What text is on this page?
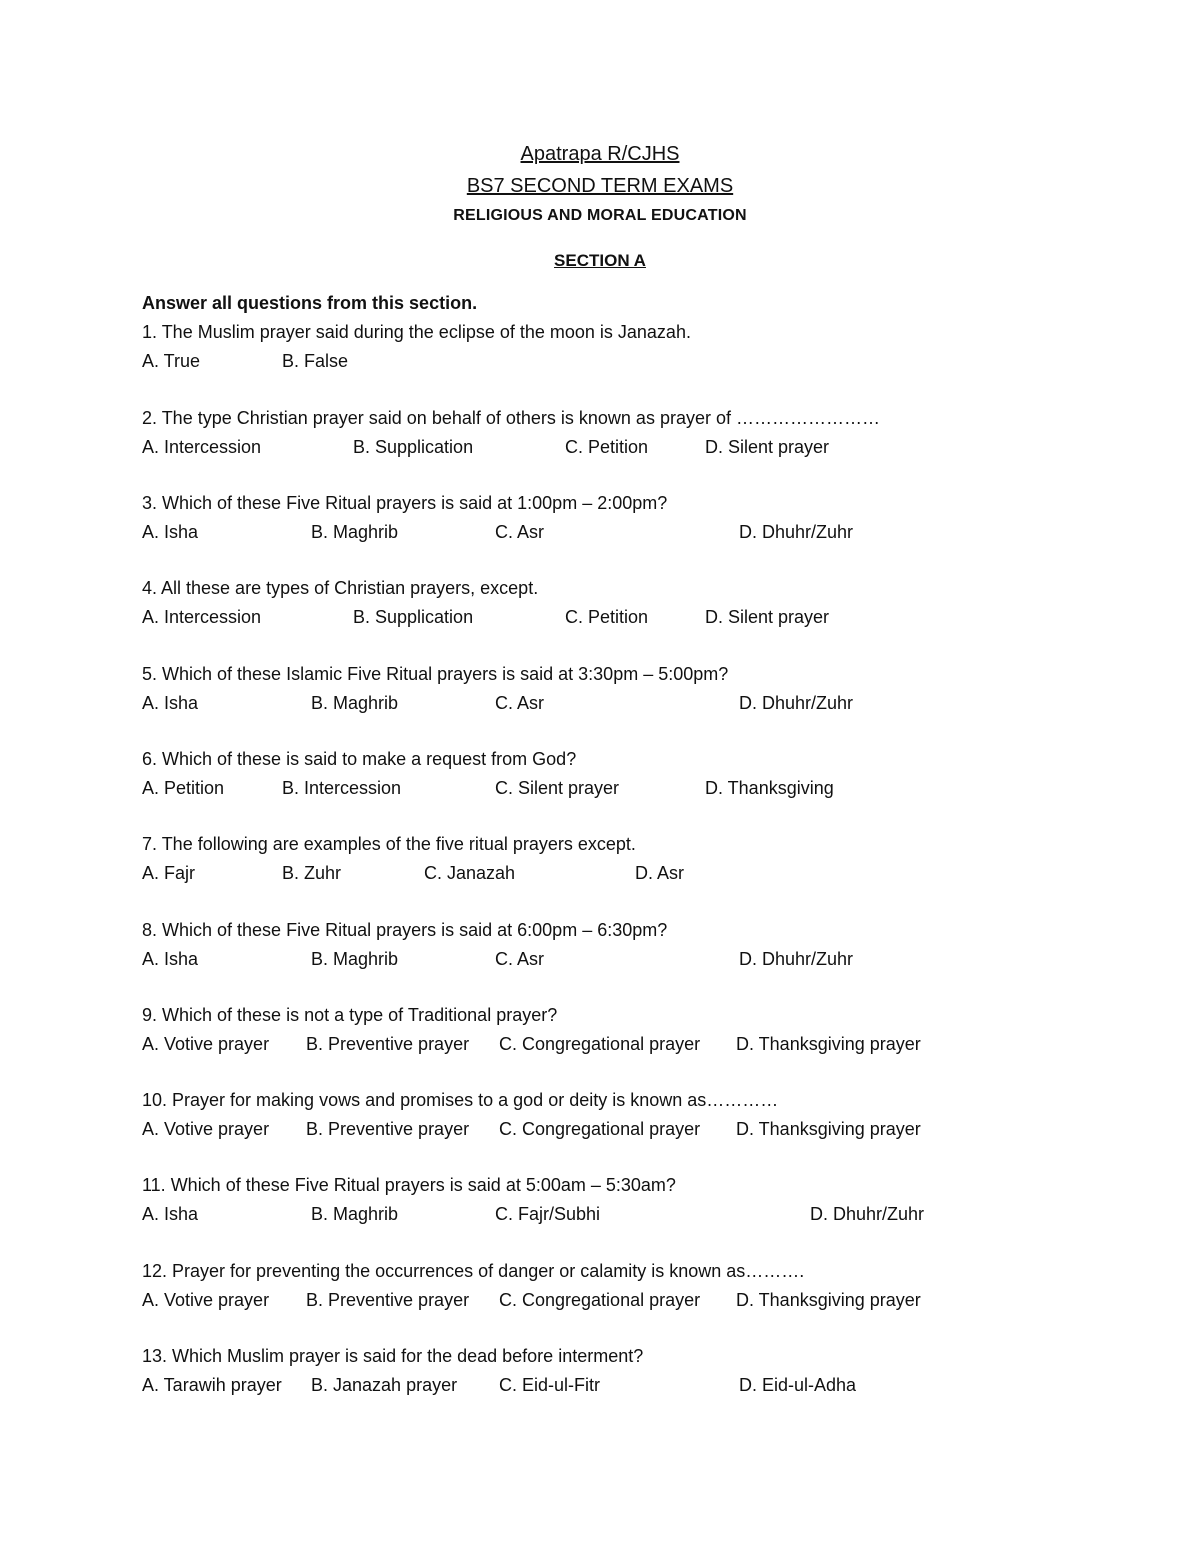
Apatrapa R/CJHS
BS7 SECOND TERM EXAMS
RELIGIOUS AND MORAL EDUCATION
SECTION A
Answer all questions from this section.
1. The Muslim prayer said during the eclipse of the moon is Janazah.
A. True	B. False
2. The type Christian prayer said on behalf of others is known as prayer of ……………………
A. Intercession	B. Supplication	C. Petition	D. Silent prayer
3. Which of these Five Ritual prayers is said at 1:00pm – 2:00pm?
A. Isha	B. Maghrib	C. Asr	D. Dhuhr/Zuhr
4. All these are types of Christian prayers, except.
A. Intercession	B. Supplication	C. Petition	D. Silent prayer
5. Which of these Islamic Five Ritual prayers is said at 3:30pm – 5:00pm?
A. Isha	B. Maghrib	C. Asr	D. Dhuhr/Zuhr
6. Which of these is said to make a request from God?
A. Petition	B. Intercession	C. Silent prayer	D. Thanksgiving
7. The following are examples of the five ritual prayers except.
A. Fajr	B. Zuhr	C. Janazah	D. Asr
8. Which of these Five Ritual prayers is said at 6:00pm – 6:30pm?
A. Isha	B. Maghrib	C. Asr	D. Dhuhr/Zuhr
9. Which of these is not a type of Traditional prayer?
A. Votive prayer B. Preventive prayer C. Congregational prayer D. Thanksgiving prayer
10. Prayer for making vows and promises to a god or deity is known as…………
A. Votive prayer B. Preventive prayer C. Congregational prayer D. Thanksgiving prayer
11. Which of these Five Ritual prayers is said at 5:00am – 5:30am?
A. Isha	B. Maghrib	C. Fajr/Subhi	D. Dhuhr/Zuhr
12. Prayer for preventing the occurrences of danger or calamity is known as……….
A. Votive prayer B. Preventive prayer C. Congregational prayer D. Thanksgiving prayer
13. Which Muslim prayer is said for the dead before interment?
A. Tarawih prayer B. Janazah prayer C. Eid-ul-Fitr	D. Eid-ul-Adha
